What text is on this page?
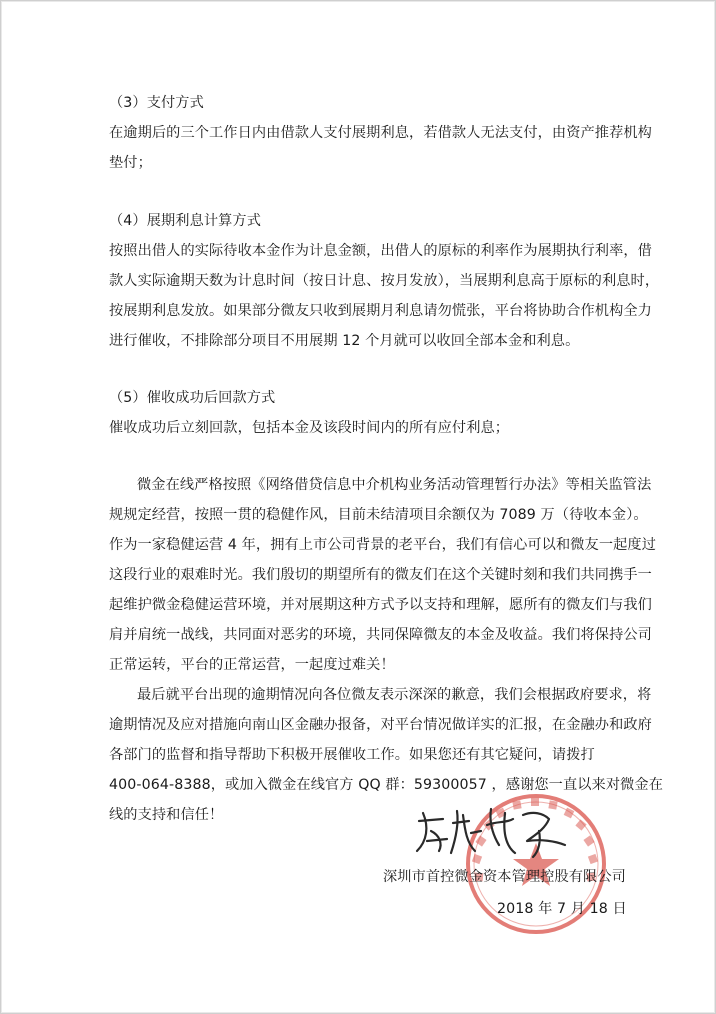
（3）支付方式
在逾期后的三个工作日内由借款人支付展期利息，若借款人无法支付，由资产推荐机构
垫付；
（4）展期利息计算方式
按照出借人的实际待收本金作为计息金额，出借人的原标的利率作为展期执行利率，借
款人实际逾期天数为计息时间（按日计息、按月发放），当展期利息高于原标的利息时，
按展期利息发放。如果部分微友只收到展期月利息请勿慌张，平台将协助合作机构全力
进行催收，不排除部分项目不用展期 12 个月就可以收回全部本金和利息。
（5）催收成功后回款方式
催收成功后立刻回款，包括本金及该段时间内的所有应付利息；
微金在线严格按照《网络借贷信息中介机构业务活动管理暂行办法》等相关监管法
规规定经营，按照一贯的稳健作风，目前未结清项目余额仅为 7089 万（待收本金）。
作为一家稳健运营 4 年，拥有上市公司背景的老平台，我们有信心可以和微友一起度过
这段行业的艰难时光。我们殷切的期望所有的微友们在这个关键时刻和我们共同携手一
起维护微金稳健运营环境，并对展期这种方式予以支持和理解，愿所有的微友们与我们
肩并肩统一战线，共同面对恶劣的环境，共同保障微友的本金及收益。我们将保持公司
正常运转，平台的正常运营，一起度过难关！
最后就平台出现的逾期情况向各位微友表示深深的歉意，我们会根据政府要求，将
逾期情况及应对措施向南山区金融办报备，对平台情况做详实的汇报，在金融办和政府
各部门的监督和指导帮助下积极开展催收工作。如果您还有其它疑问，请拨打
400-064-8388，或加入微金在线官方 QQ 群：59300057 ，感谢您一直以来对微金在
线的支持和信任！
深圳市首控微金资本管理控股有限公司
2018 年 7 月 18 日
